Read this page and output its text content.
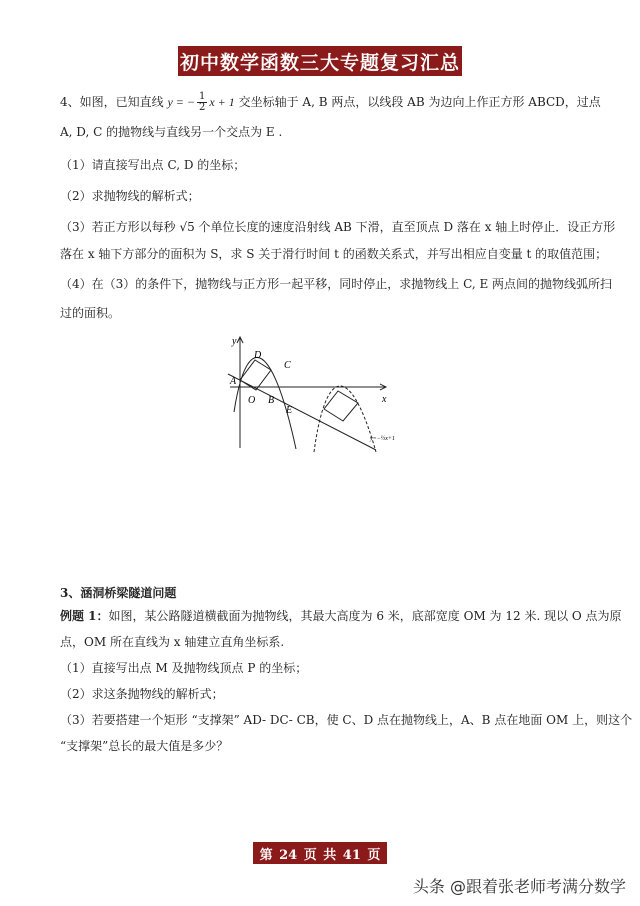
初中数学函数三大专题复习汇总
4、如图，已知直线 y = − $\frac{1}{2}$ x + 1 交坐标轴于 A, B 两点，以线段 AB 为边向上作正方形 ABCD，过点
A, D, C 的抛物线与直线另一个交点为 E .
（1）请直接写出点 C, D 的坐标；
（2）求抛物线的解析式；
（3）若正方形以每秒 √5 个单位长度的速度沿射线 AB 下滑，直至顶点 D 落在 x 轴上时停止．设正方形
落在 x 轴下方部分的面积为 S，求 S 关于滑行时间 t 的函数关系式，并写出相应自变量 t 的取值范围；
（4）在（3）的条件下，抛物线与正方形一起平移，同时停止，求抛物线上 C, E 两点间的抛物线弧所扫
过的面积。
y
x
A
D
C
O B
E
y=−½x+1
3、涵洞桥梁隧道问题
例题 1：如图，某公路隧道横截面为抛物线，其最大高度为 6 米，底部宽度 OM 为 12 米. 现以 O 点为原
点，OM 所在直线为 x 轴建立直角坐标系.
（1）直接写出点 M 及抛物线顶点 P 的坐标；
（2）求这条抛物线的解析式；
（3）若要搭建一个矩形 “支撑架” AD- DC- CB，使 C、D 点在抛物线上，A、B 点在地面 OM 上，则这个
“支撑架”总长的最大值是多少？
第 24 页 共 41 页
头条 @跟着张老师考满分数学
